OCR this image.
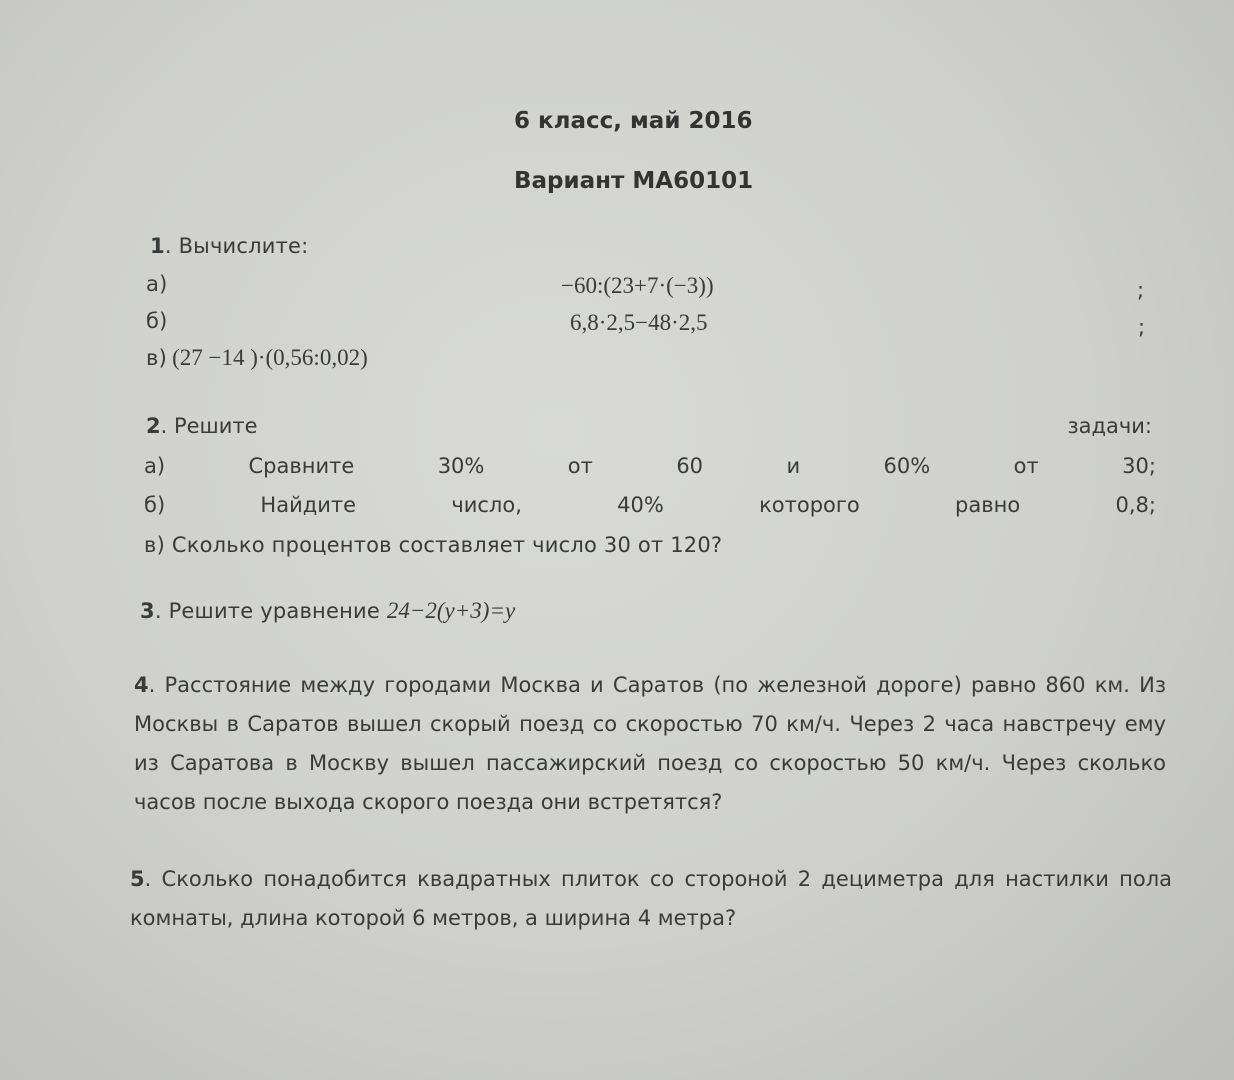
6 класс, май 2016
Вариант МА60101
1. Вычислите:
а)	−60:(23+7·(−3))	;
б)	6,8·2,5−48·2,5	;
в) (27 −14 )·(0,56:0,02)
2. Решите	задачи:
а)	Сравните	30%	от	60	и	60%	от	30;
б)	Найдите	число,	40%	которого	равно	0,8;
в) Сколько процентов составляет число 30 от 120?
3. Решите уравнение 24−2(y+3)=y
4. Расстояние между городами Москва и Саратов (по железной дороге) равно 860 км. Из Москвы в Саратов вышел скорый поезд со скоростью 70 км/ч. Через 2 часа навстречу ему из Саратова в Москву вышел пассажирский поезд со скоростью 50 км/ч. Через сколько часов после выхода скорого поезда они встретятся?
5. Сколько понадобится квадратных плиток со стороной 2 дециметра для настилки пола комнаты, длина которой 6 метров, а ширина 4 метра?
